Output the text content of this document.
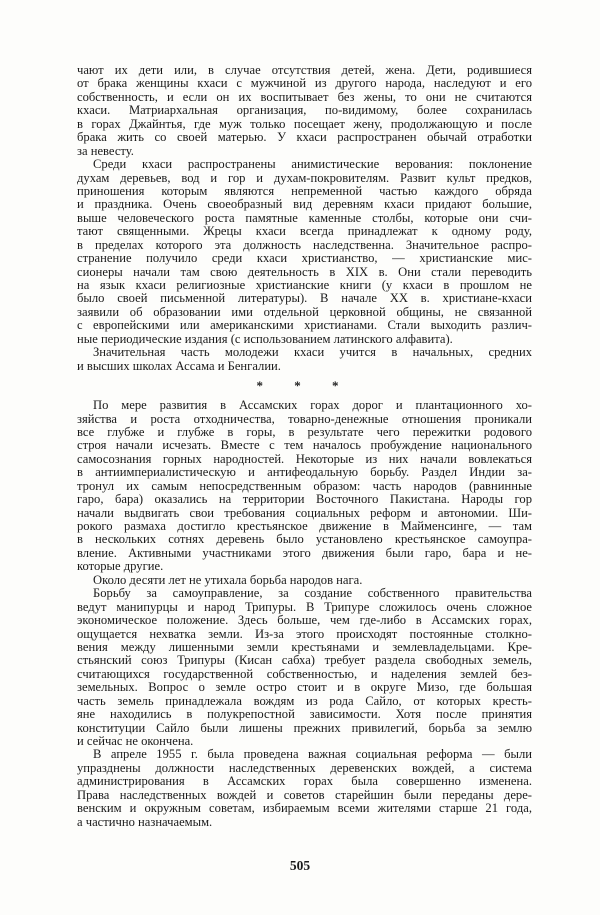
чают их дети или, в случае отсутствия детей, жена. Дети, родившиеся
от брака женщины кхаси с мужчиной из другого народа, наследуют и его
собственность, и если он их воспитывает без жены, то они не считаются
кхаси. Матриархальная организация, по-видимому, более сохранилась
в горах Джайнтья, где муж только посещает жену, продолжающую и после
брака жить со своей матерью. У кхаси распространен обычай отработки
за невесту.
Среди кхаси распространены анимистические верования: поклонение
духам деревьев, вод и гор и духам-покровителям. Развит культ предков,
приношения которым являются непременной частью каждого обряда
и праздника. Очень своеобразный вид деревням кхаси придают большие,
выше человеческого роста памятные каменные столбы, которые они счи-
тают священными. Жрецы кхаси всегда принадлежат к одному роду,
в пределах которого эта должность наследственна. Значительное распро-
странение получило среди кхаси христианство, — христианские мис-
сионеры начали там свою деятельность в XIX в. Они стали переводить
на язык кхаси религиозные христианские книги (у кхаси в прошлом не
было своей письменной литературы). В начале XX в. христиане-кхаси
заявили об образовании ими отдельной церковной общины, не связанной
с европейскими или американскими христианами. Стали выходить различ-
ные периодические издания (с использованием латинского алфавита).
Значительная часть молодежи кхаси учится в начальных, средних
и высших школах Ассама и Бенгалии.
* * *
По мере развития в Ассамских горах дорог и плантационного хо-
зяйства и роста отходничества, товарно-денежные отношения проникали
все глубже и глубже в горы, в результате чего пережитки родового
строя начали исчезать. Вместе с тем началось пробуждение национального
самосознания горных народностей. Некоторые из них начали вовлекаться
в антиимпериалистическую и антифеодальную борьбу. Раздел Индии за-
тронул их самым непосредственным образом: часть народов (равнинные
гаро, бара) оказались на территории Восточного Пакистана. Народы гор
начали выдвигать свои требования социальных реформ и автономии. Ши-
рокого размаха достигло крестьянское движение в Майменсинге, — там
в нескольких сотнях деревень было установлено крестьянское самоупра-
вление. Активными участниками этого движения были гаро, бара и не-
которые другие.
Около десяти лет не утихала борьба народов нага.
Борьбу за самоуправление, за создание собственного правительства
ведут манипурцы и народ Трипуры. В Трипуре сложилось очень сложное
экономическое положение. Здесь больше, чем где-либо в Ассамских горах,
ощущается нехватка земли. Из-за этого происходят постоянные столкно-
вения между лишенными земли крестьянами и землевладельцами. Кре-
стьянский союз Трипуры (Кисан сабха) требует раздела свободных земель,
считающихся государственной собственностью, и наделения землей без-
земельных. Вопрос о земле остро стоит и в округе Мизо, где большая
часть земель принадлежала вождям из рода Сайло, от которых кресть-
яне находились в полукрепостной зависимости. Хотя после принятия
конституции Сайло были лишены прежних привилегий, борьба за землю
и сейчас не окончена.
В апреле 1955 г. была проведена важная социальная реформа — были
упразднены должности наследственных деревенских вождей, а система
администрирования в Ассамских горах была совершенно изменена.
Права наследственных вождей и советов старейшин были переданы дере-
венским и окружным советам, избираемым всеми жителями старше 21 года,
а частично назначаемым.
505
